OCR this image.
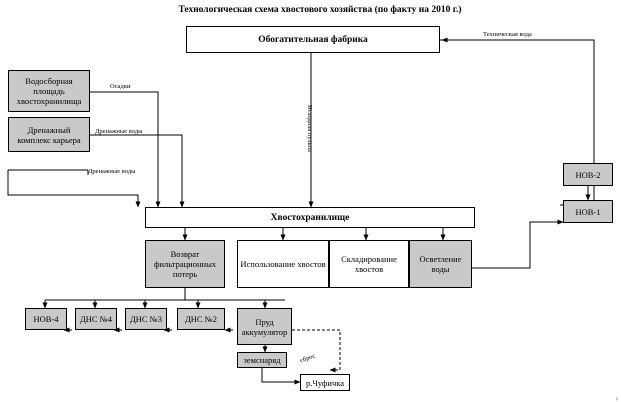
Технологическая схема хвостового хозяйства (по факту на 2010 г.)
Обогатительная фабрика
Водосборная площадь хвостохранилища
Дренажный комплекс карьера
НОВ-2
НОВ-1
Хвостохранилище
Возврат фильтрационных потерь
Использование хвостов	Складирование хвостов
Осветление воды
НОВ-4	ДНС №4	ДНС №3	ДНС №2	Пруд аккумулятор
земснаряд
р.Чуфичка
Техническая вода
Осадки
Дренажные воды
Дренажные воды
Исходная пульпа
сброс
ᵪ
